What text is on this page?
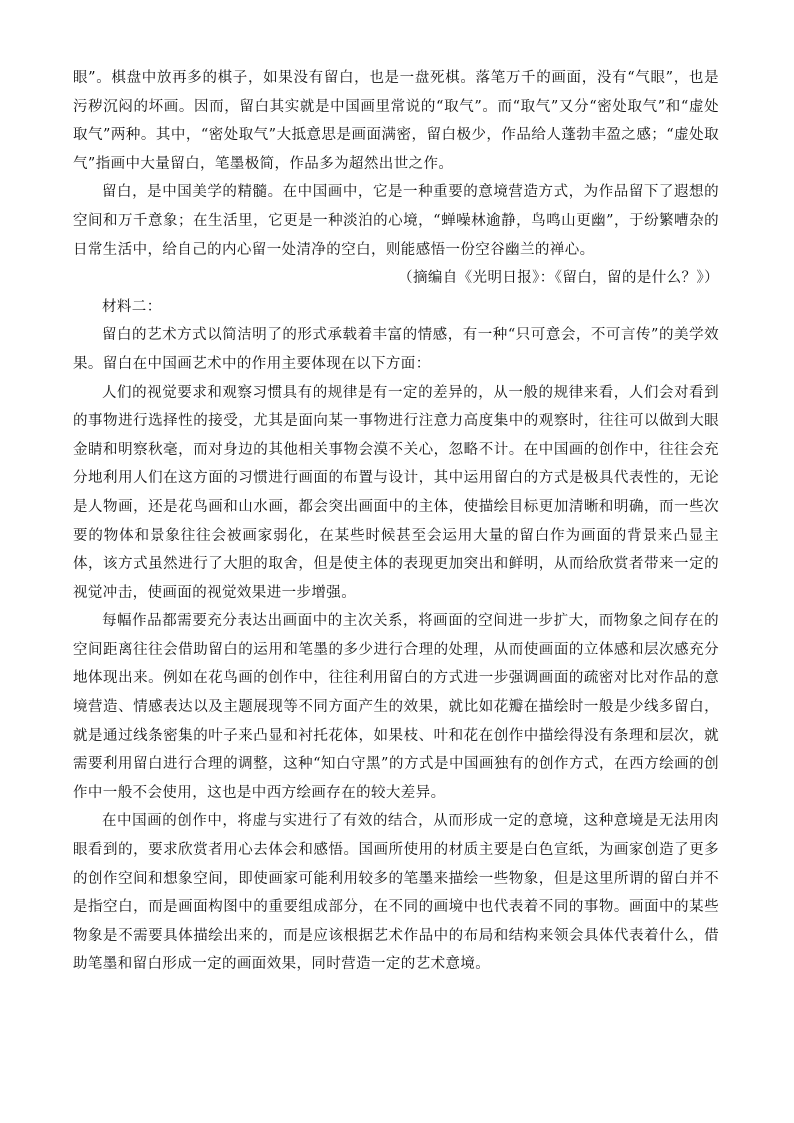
眼”。棋盘中放再多的棋子，如果没有留白，也是一盘死棋。落笔万千的画面，没有“气眼”，也是污秽沉闷的坏画。因而，留白其实就是中国画里常说的“取气”。而“取气”又分“密处取气”和“虚处取气”两种。其中，“密处取气”大抵意思是画面满密，留白极少，作品给人蓬勃丰盈之感；“虚处取气”指画中大量留白，笔墨极简，作品多为超然出世之作。

留白，是中国美学的精髓。在中国画中，它是一种重要的意境营造方式，为作品留下了遐想的空间和万千意象；在生活里，它更是一种淡泊的心境，“蝉噪林逾静，鸟鸣山更幽”，于纷繁嘈杂的日常生活中，给自己的内心留一处清净的空白，则能感悟一份空谷幽兰的禅心。

（摘编自《光明日报》：《留白，留的是什么？》）

材料二：

留白的艺术方式以简洁明了的形式承载着丰富的情感，有一种“只可意会，不可言传”的美学效果。留白在中国画艺术中的作用主要体现在以下方面：

人们的视觉要求和观察习惯具有的规律是有一定的差异的，从一般的规律来看，人们会对看到的事物进行选择性的接受，尤其是面向某一事物进行注意力高度集中的观察时，往往可以做到大眼金睛和明察秋毫，而对身边的其他相关事物会漠不关心，忽略不计。在中国画的创作中，往往会充分地利用人们在这方面的习惯进行画面的布置与设计，其中运用留白的方式是极具代表性的，无论是人物画，还是花鸟画和山水画，都会突出画面中的主体，使描绘目标更加清晰和明确，而一些次要的物体和景象往往会被画家弱化，在某些时候甚至会运用大量的留白作为画面的背景来凸显主体，该方式虽然进行了大胆的取舍，但是使主体的表现更加突出和鲜明，从而给欣赏者带来一定的视觉冲击，使画面的视觉效果进一步增强。

每幅作品都需要充分表达出画面中的主次关系，将画面的空间进一步扩大，而物象之间存在的空间距离往往会借助留白的运用和笔墨的多少进行合理的处理，从而使画面的立体感和层次感充分地体现出来。例如在花鸟画的创作中，往往利用留白的方式进一步强调画面的疏密对比对作品的意境营造、情感表达以及主题展现等不同方面产生的效果，就比如花瓣在描绘时一般是少线多留白，就是通过线条密集的叶子来凸显和衬托花体，如果枝、叶和花在创作中描绘得没有条理和层次，就需要利用留白进行合理的调整，这种“知白守黑”的方式是中国画独有的创作方式，在西方绘画的创作中一般不会使用，这也是中西方绘画存在的较大差异。

在中国画的创作中，将虚与实进行了有效的结合，从而形成一定的意境，这种意境是无法用肉眼看到的，要求欣赏者用心去体会和感悟。国画所使用的材质主要是白色宣纸，为画家创造了更多的创作空间和想象空间，即使画家可能利用较多的笔墨来描绘一些物象，但是这里所谓的留白并不是指空白，而是画面构图中的重要组成部分，在不同的画境中也代表着不同的事物。画面中的某些物象是不需要具体描绘出来的，而是应该根据艺术作品中的布局和结构来领会具体代表着什么，借助笔墨和留白形成一定的画面效果，同时营造一定的艺术意境。
